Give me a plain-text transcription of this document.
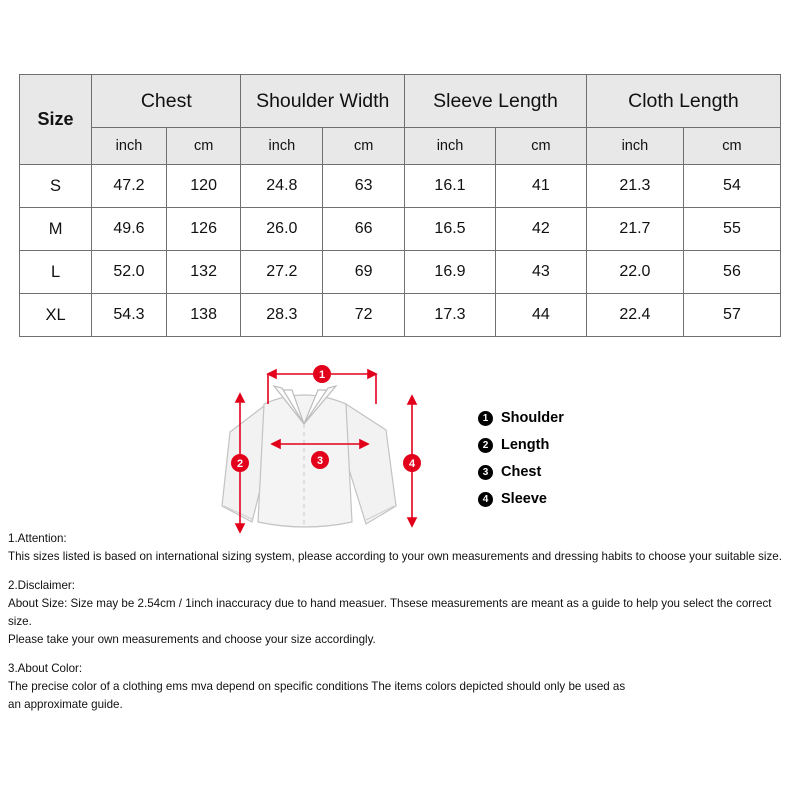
Size	Chest		Shoulder Width		Sleeve Length		Cloth Length	
	inch	cm	inch	cm	inch	cm	inch	cm
S	47.2	120	24.8	63	16.1	41	21.3	54
M	49.6	126	26.0	66	16.5	42	21.7	55
L	52.0	132	27.2	69	16.9	43	22.0	56
XL	54.3	138	28.3	72	17.3	44	22.4	57
1
2	3	4
1 Shoulder
2 Length
3 Chest
4 Sleeve

1.Attention:

This sizes listed is based on international sizing system, please according to your own measurements and dressing habits to choose your suitable size.

2.Disclaimer:

About Size: Size may be 2.54cm / 1inch inaccuracy due to hand measuer. Thsese measurements are meant as a guide to help you select the correct size.

Please take your own measurements and choose your size accordingly.

3.About Color:

The precise color of a clothing ems mva depend on specific conditions The items colors depicted should only be used as

an approximate guide.
